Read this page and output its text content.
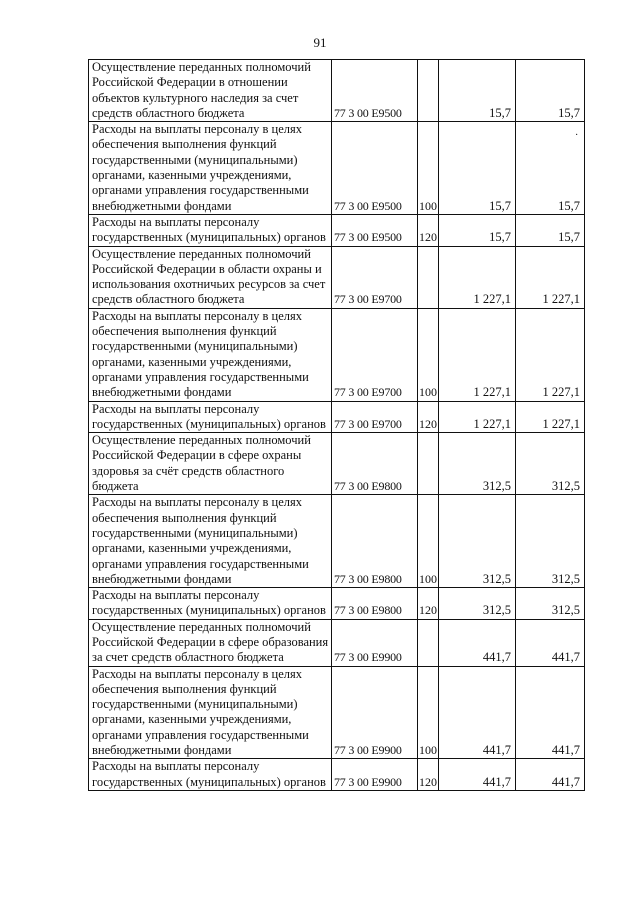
91
·
Осуществление переданных полномочий Российской Федерации в отношении объектов культурного наследия за счет средств областного бюджета	77 3 00 E9500		15,7	15,7
Расходы на выплаты персоналу в целях обеспечения выполнения функций государственными (муниципальными) органами, казенными учреждениями, органами управления государственными внебюджетными фондами	77 3 00 E9500	100	15,7	15,7
Расходы на выплаты персоналу государственных (муниципальных) органов	77 3 00 E9500	120	15,7	15,7
Осуществление переданных полномочий Российской Федерации в области охраны и использования охотничьих ресурсов за счет средств областного бюджета	77 3 00 E9700		1 227,1	1 227,1
Расходы на выплаты персоналу в целях обеспечения выполнения функций государственными (муниципальными) органами, казенными учреждениями, органами управления государственными внебюджетными фондами	77 3 00 E9700	100	1 227,1	1 227,1
Расходы на выплаты персоналу государственных (муниципальных) органов	77 3 00 E9700	120	1 227,1	1 227,1
Осуществление переданных полномочий Российской Федерации в сфере охраны здоровья за счёт средств областного бюджета	77 3 00 E9800		312,5	312,5
Расходы на выплаты персоналу в целях обеспечения выполнения функций государственными (муниципальными) органами, казенными учреждениями, органами управления государственными внебюджетными фондами	77 3 00 E9800	100	312,5	312,5
Расходы на выплаты персоналу государственных (муниципальных) органов	77 3 00 E9800	120	312,5	312,5
Осуществление переданных полномочий Российской Федерации в сфере образования за счет средств областного бюджета	77 3 00 E9900		441,7	441,7
Расходы на выплаты персоналу в целях обеспечения выполнения функций государственными (муниципальными) органами, казенными учреждениями, органами управления государственными внебюджетными фондами	77 3 00 E9900	100	441,7	441,7
Расходы на выплаты персоналу государственных (муниципальных) органов	77 3 00 E9900	120	441,7	441,7
